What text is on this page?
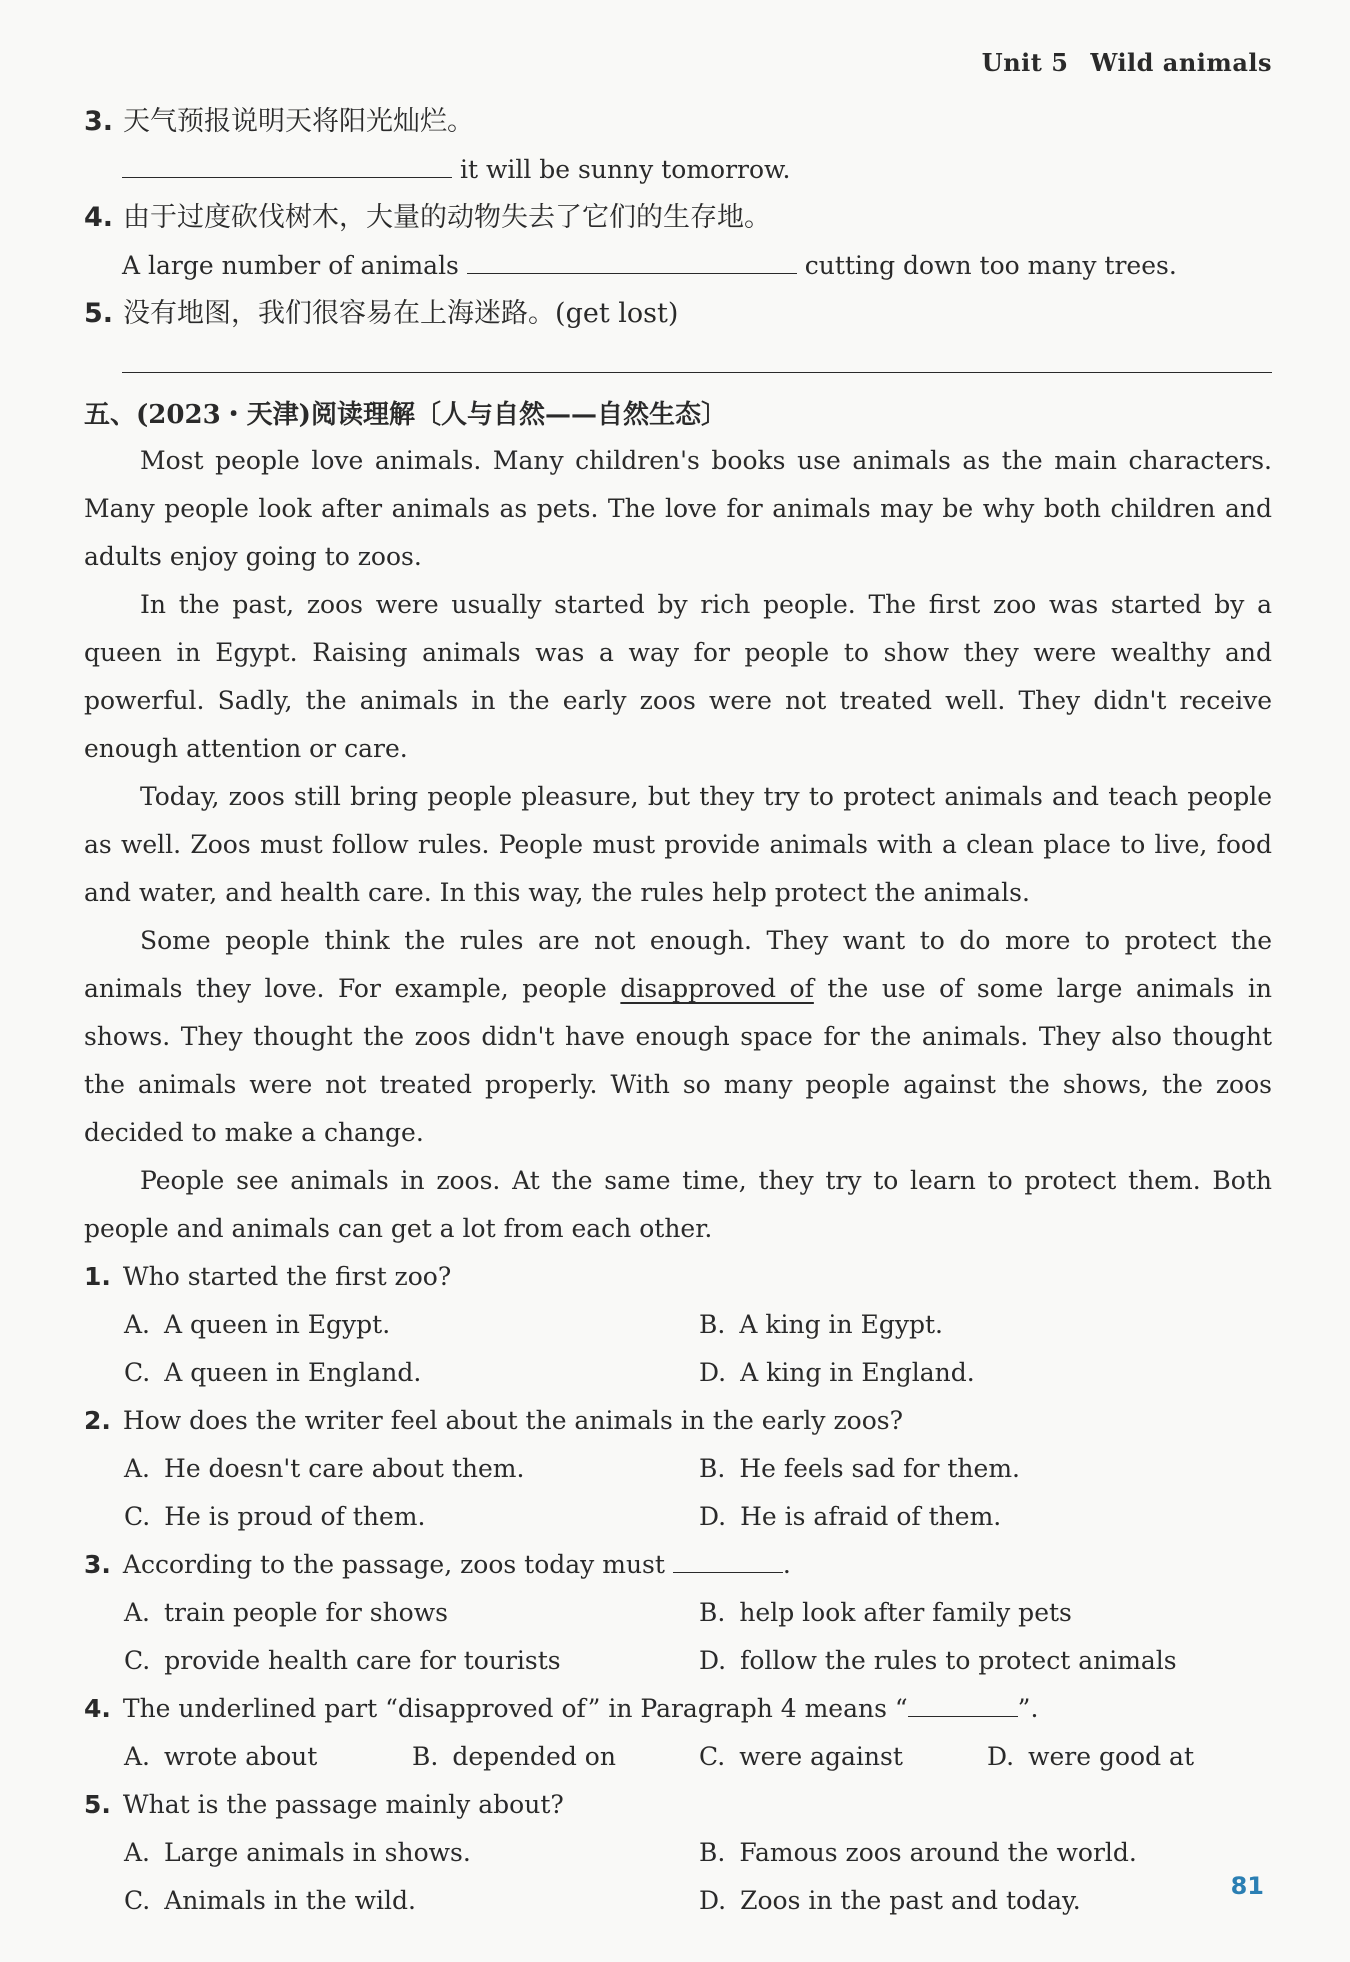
Unit 5 Wild animals
3. 天气预报说明天将阳光灿烂。
it will be sunny tomorrow.
4. 由于过度砍伐树木，大量的动物失去了它们的生存地。
A large number of animals	cutting down too many trees.
5. 没有地图，我们很容易在上海迷路。(get lost)
五、(2023・天津)阅读理解〔人与自然——自然生态〕

Most people love animals. Many children's books use animals as the main characters. Many people look after animals as pets. The love for animals may be why both children and adults enjoy going to zoos.

In the past, zoos were usually started by rich people. The first zoo was started by a queen in Egypt. Raising animals was a way for people to show they were wealthy and powerful. Sadly, the animals in the early zoos were not treated well. They didn't receive enough attention or care.

Today, zoos still bring people pleasure, but they try to protect animals and teach people as well. Zoos must follow rules. People must provide animals with a clean place to live, food and water, and health care. In this way, the rules help protect the animals.

Some people think the rules are not enough. They want to do more to protect the animals they love. For example, people disapproved of the use of some large animals in shows. They thought the zoos didn't have enough space for the animals. They also thought the animals were not treated properly. With so many people against the shows, the zoos decided to make a change.

People see animals in zoos. At the same time, they try to learn to protect them. Both people and animals can get a lot from each other.

1. Who started the first zoo?
A. A queen in Egypt.	B. A king in Egypt.
C. A queen in England.	D. A king in England.
2. How does the writer feel about the animals in the early zoos?
A. He doesn't care about them.	B. He feels sad for them.
C. He is proud of them.	D. He is afraid of them.
3. According to the passage, zoos today must	.
A. train people for shows	B. help look after family pets
C. provide health care for tourists	D. follow the rules to protect animals
4. The underlined part “disapproved of” in Paragraph 4 means “	”.
A. wrote about	B. depended on	C. were against	D. were good at
5. What is the passage mainly about?
A. Large animals in shows.	B. Famous zoos around the world.
C. Animals in the wild.	D. Zoos in the past and today.	81
